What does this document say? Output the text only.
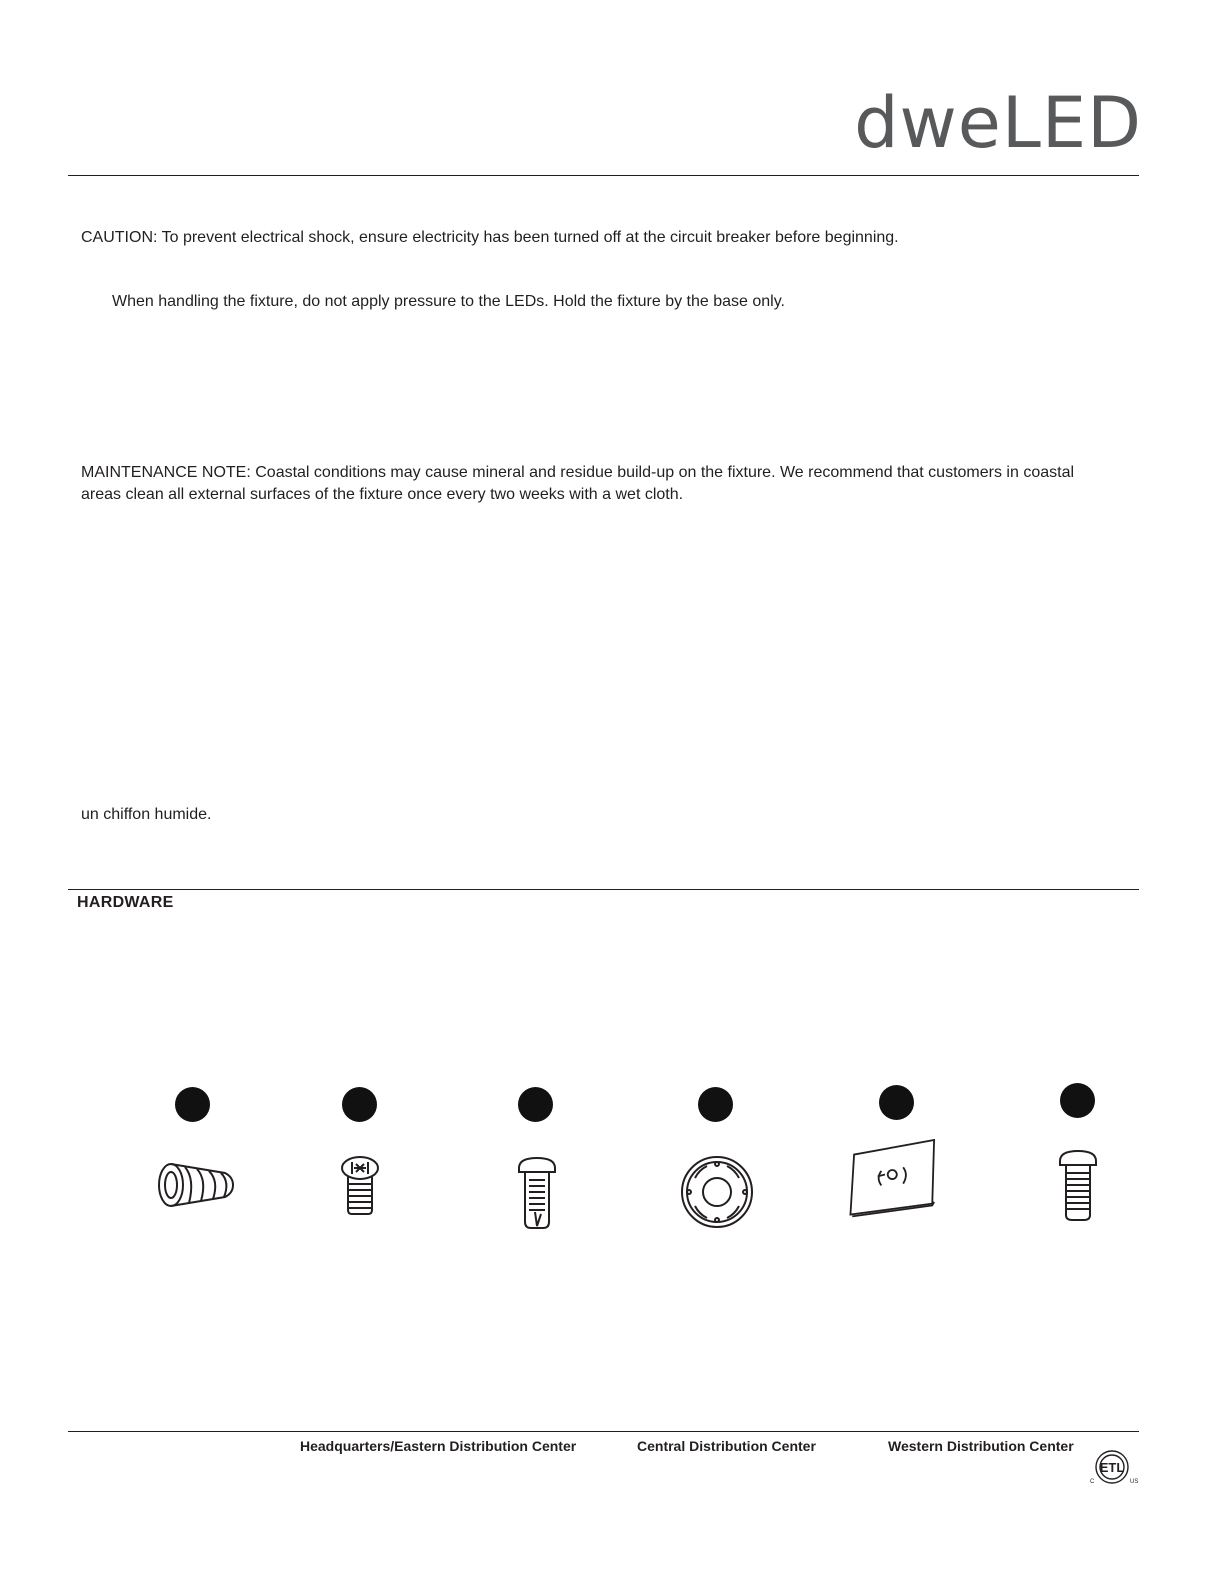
dweLED
CAUTION: To prevent electrical shock, ensure electricity has been turned off at the circuit breaker before beginning.
When handling the fixture, do not apply pressure to the LEDs. Hold the fixture by the base only.
MAINTENANCE NOTE: Coastal conditions may cause mineral and residue build-up on the fixture. We recommend that customers in coastal
areas clean all external surfaces of the fixture once every two weeks with a wet cloth.
un chiffon humide.
HARDWARE
Headquarters/Eastern Distribution Center	Central Distribution Center	Western Distribution Center
ETL
C	US
